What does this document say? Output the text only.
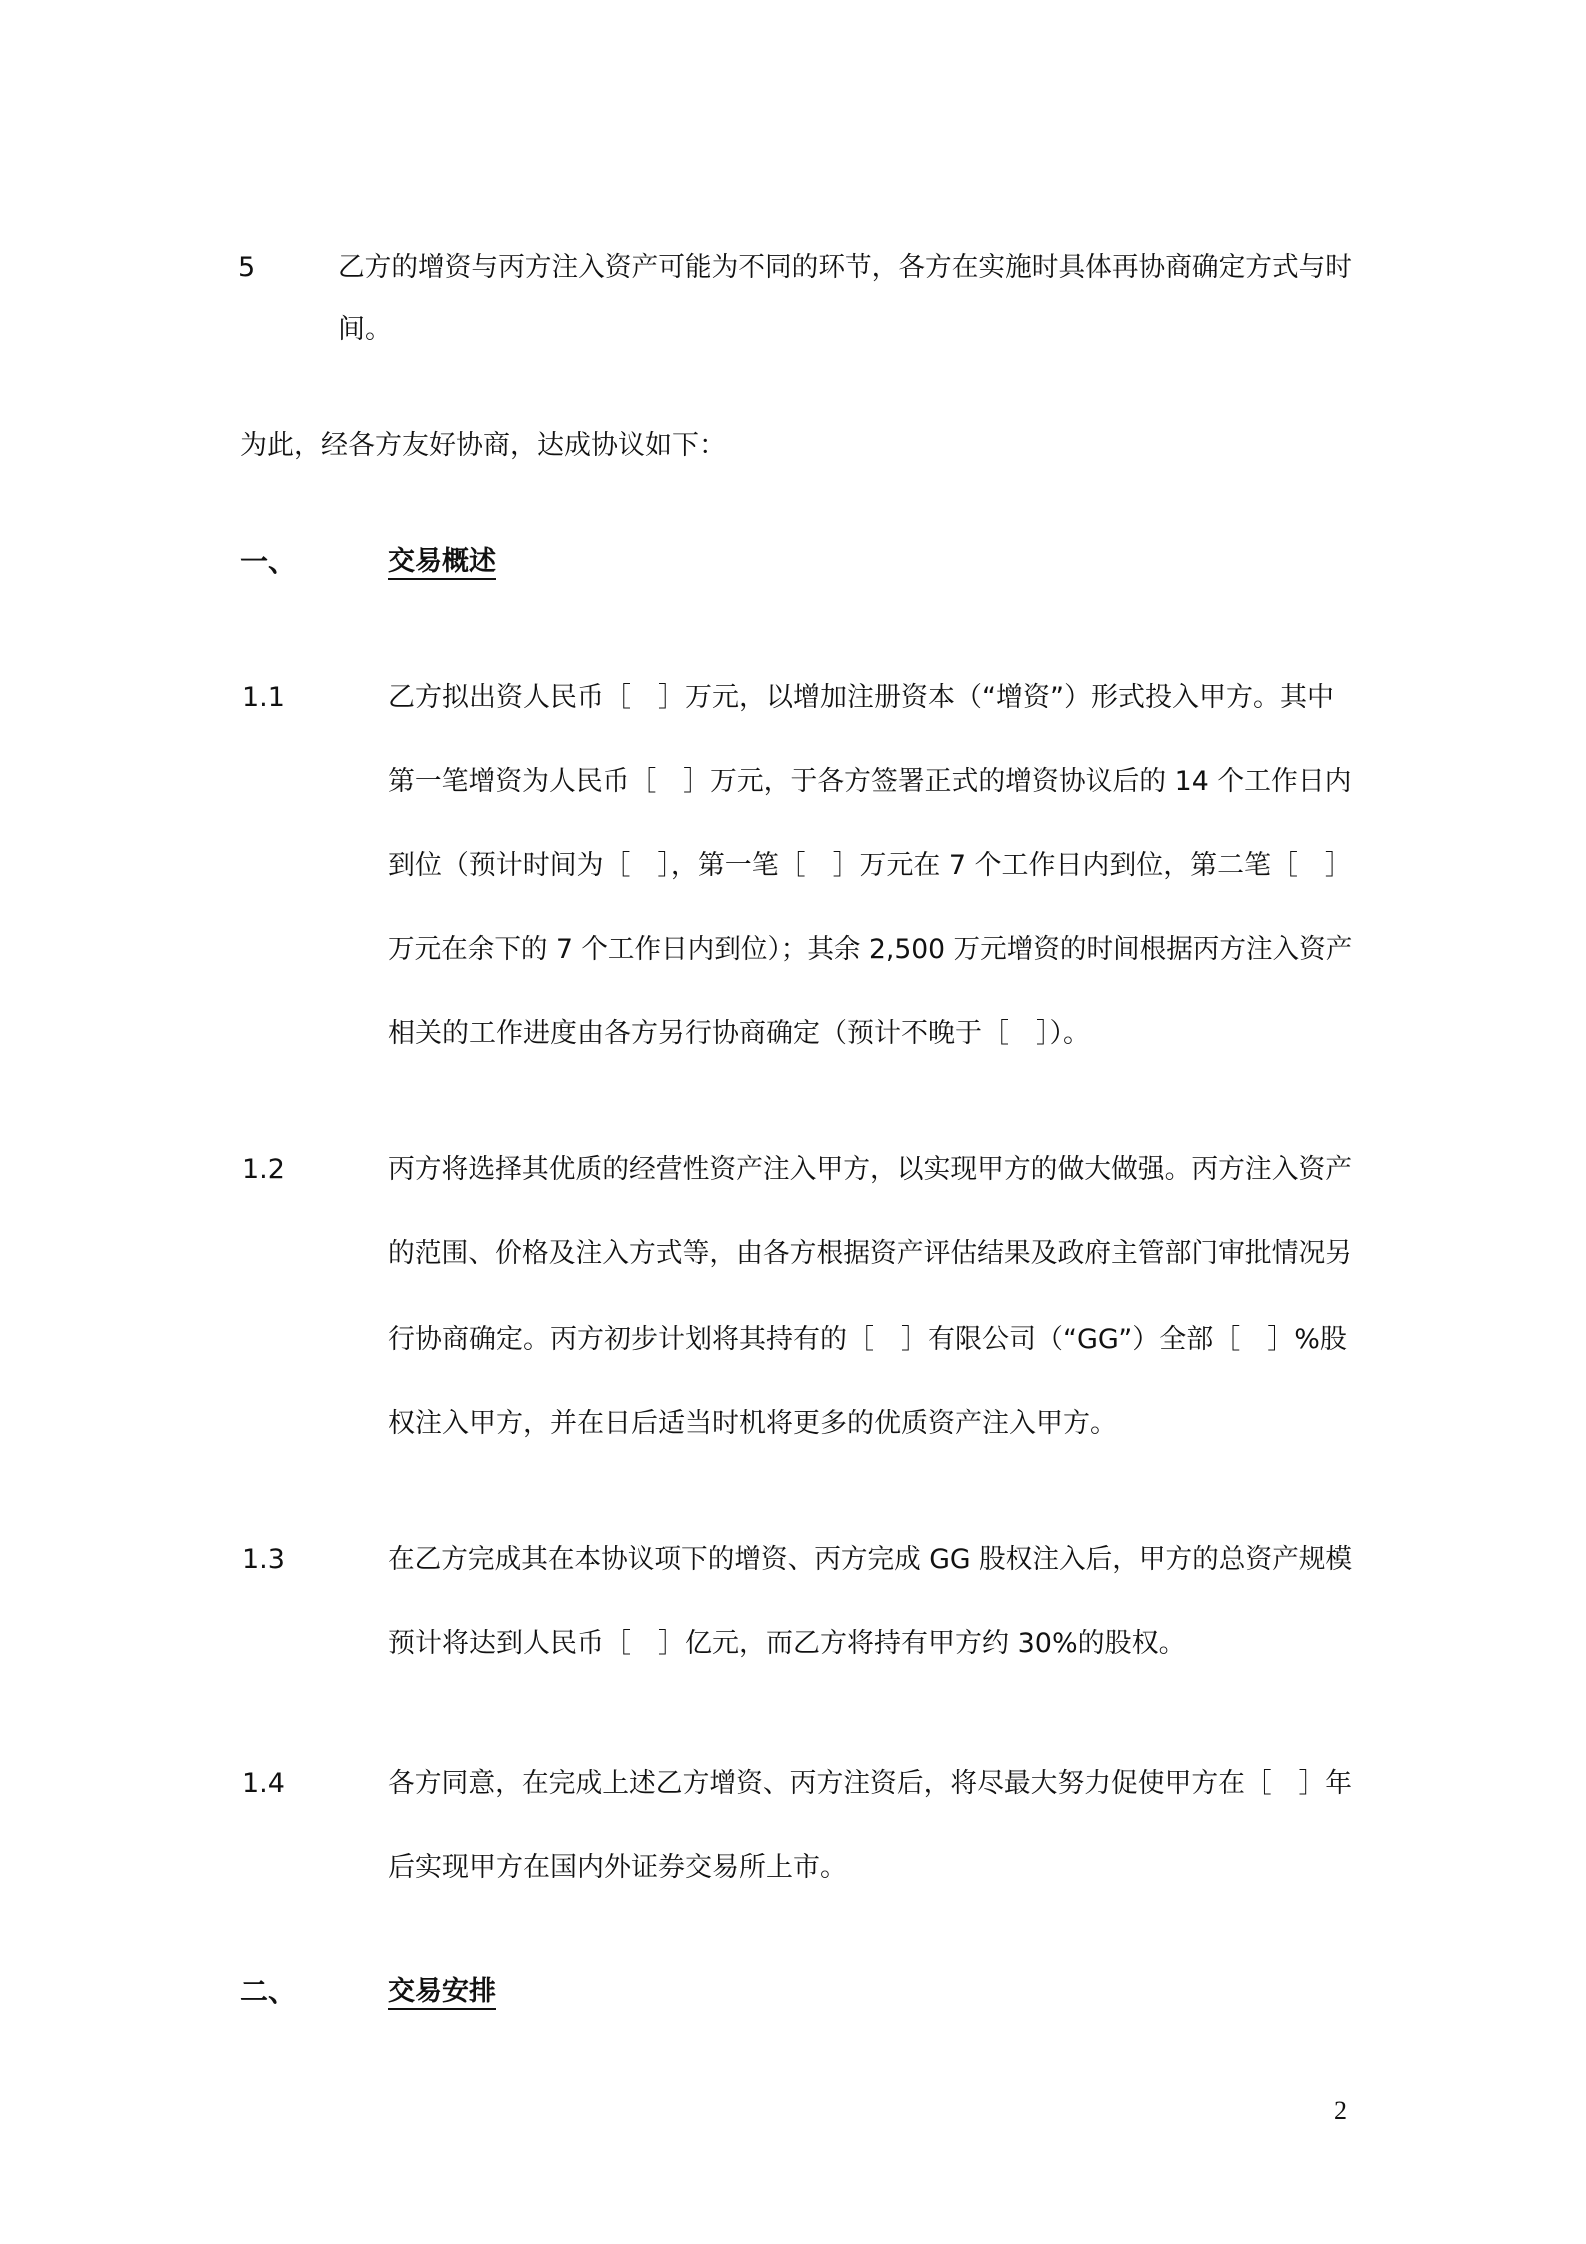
5	乙方的增资与丙方注入资产可能为不同的环节，各方在实施时具体再协商确定方式与时
间。
为此，经各方友好协商，达成协议如下：
一、	交易概述
1.1	乙方拟出资人民币［　］万元，以增加注册资本（“增资”）形式投入甲方。其中
第一笔增资为人民币［　］万元，于各方签署正式的增资协议后的 14 个工作日内
到位（预计时间为［　］，第一笔［　］万元在 7 个工作日内到位，第二笔［　］
万元在余下的 7 个工作日内到位）；其余 2,500 万元增资的时间根据丙方注入资产
相关的工作进度由各方另行协商确定（预计不晚于［　］）。
1.2	丙方将选择其优质的经营性资产注入甲方，以实现甲方的做大做强。丙方注入资产
的范围、价格及注入方式等，由各方根据资产评估结果及政府主管部门审批情况另
行协商确定。丙方初步计划将其持有的［　］有限公司（“GG”）全部［　］%股
权注入甲方，并在日后适当时机将更多的优质资产注入甲方。
1.3	在乙方完成其在本协议项下的增资、丙方完成 GG 股权注入后，甲方的总资产规模
预计将达到人民币［　］亿元，而乙方将持有甲方约 30%的股权。
1.4	各方同意，在完成上述乙方增资、丙方注资后，将尽最大努力促使甲方在［　］年
后实现甲方在国内外证券交易所上市。
二、	交易安排
2
